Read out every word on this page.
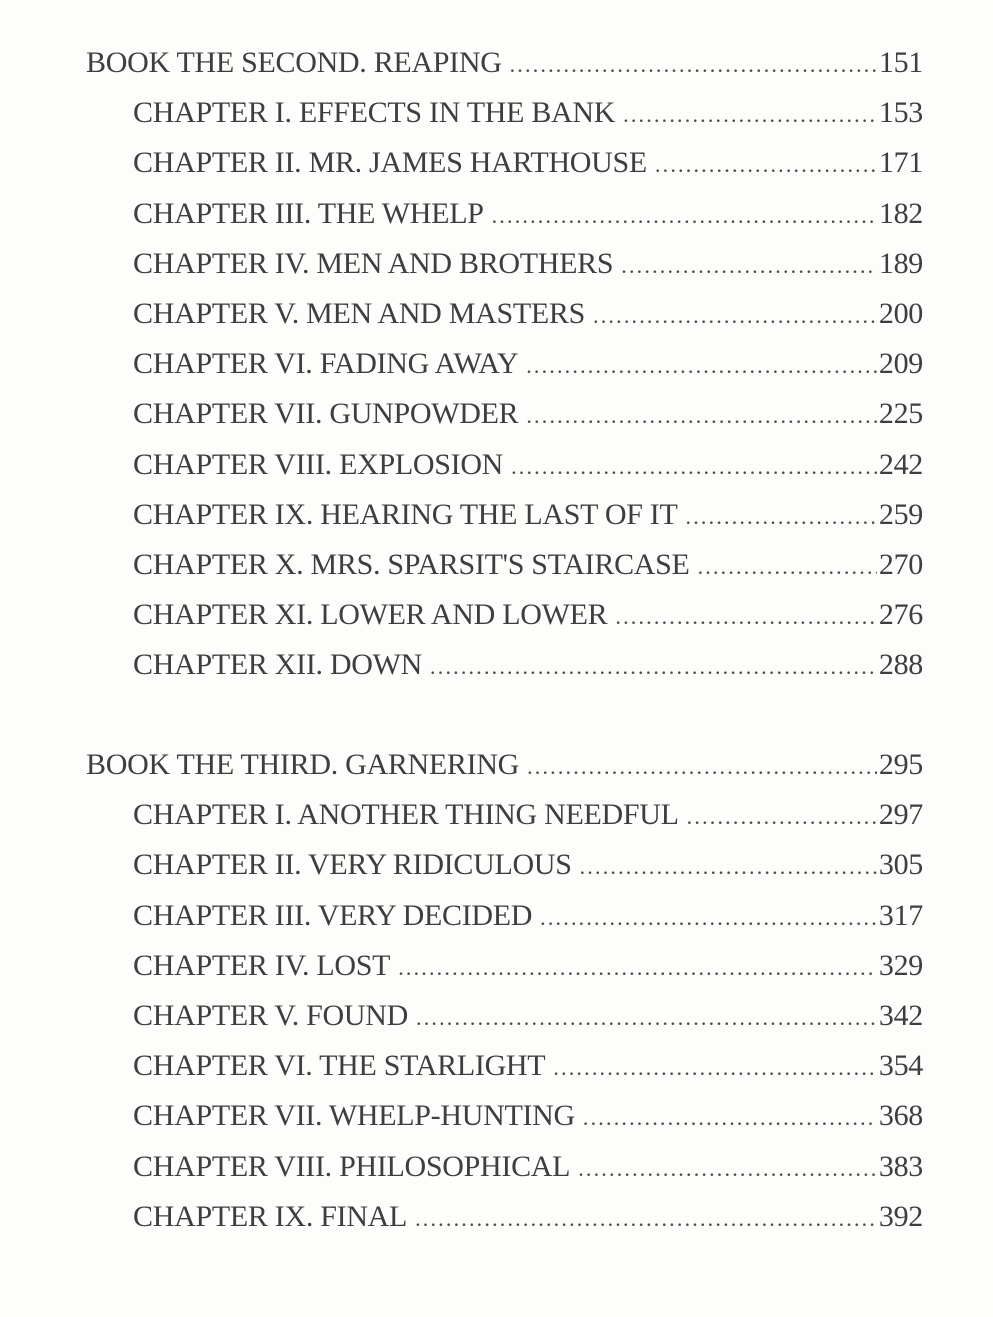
BOOK THE SECOND. REAPING .....	151
CHAPTER I. EFFECTS IN THE BANK .....	153
CHAPTER II. MR. JAMES HARTHOUSE .....	171
CHAPTER III. THE WHELP .....	182
CHAPTER IV. MEN AND BROTHERS .....	189
CHAPTER V. MEN AND MASTERS .....	200
CHAPTER VI. FADING AWAY .....	209
CHAPTER VII. GUNPOWDER .....	225
CHAPTER VIII. EXPLOSION .....	242
CHAPTER IX. HEARING THE LAST OF IT .....	259
CHAPTER X. MRS. SPARSIT'S STAIRCASE .....	270
CHAPTER XI. LOWER AND LOWER .....	276
CHAPTER XII. DOWN .....	288
BOOK THE THIRD. GARNERING .....	295
CHAPTER I. ANOTHER THING NEEDFUL .....	297
CHAPTER II. VERY RIDICULOUS .....	305
CHAPTER III. VERY DECIDED .....	317
CHAPTER IV. LOST .....	329
CHAPTER V. FOUND .....	342
CHAPTER VI. THE STARLIGHT .....	354
CHAPTER VII. WHELP-HUNTING .....	368
CHAPTER VIII. PHILOSOPHICAL .....	383
CHAPTER IX. FINAL .....	392
